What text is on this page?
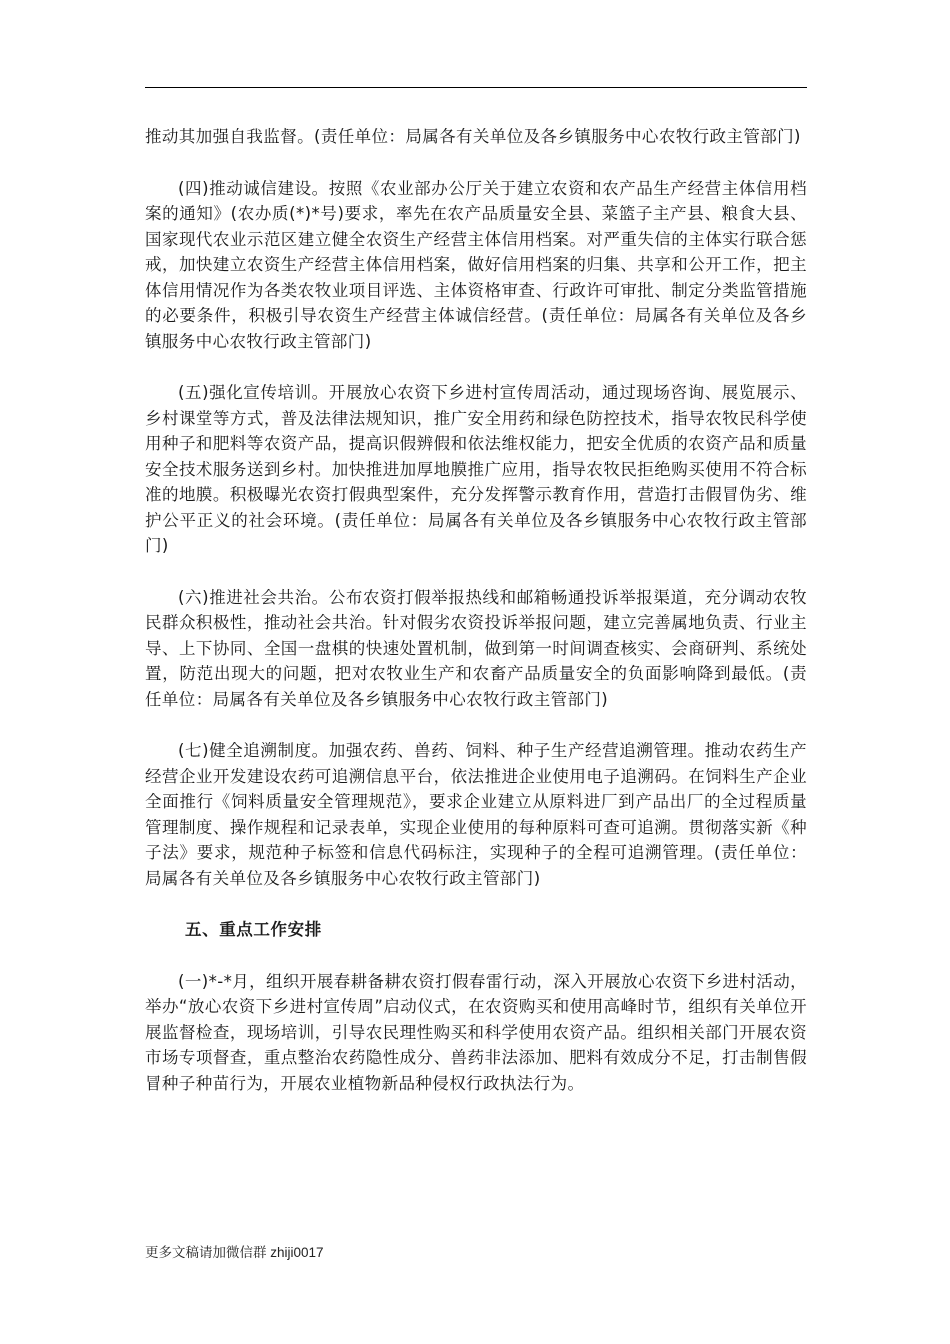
推动其加强自我监督。(责任单位：局属各有关单位及各乡镇服务中心农牧行政主管部门)

(四)推动诚信建设。按照《农业部办公厅关于建立农资和农产品生产经营主体信用档案的通知》(农办质(*)*号)要求，率先在农产品质量安全县、菜篮子主产县、粮食大县、国家现代农业示范区建立健全农资生产经营主体信用档案。对严重失信的主体实行联合惩戒，加快建立农资生产经营主体信用档案，做好信用档案的归集、共享和公开工作，把主体信用情况作为各类农牧业项目评选、主体资格审查、行政许可审批、制定分类监管措施的必要条件，积极引导农资生产经营主体诚信经营。(责任单位：局属各有关单位及各乡镇服务中心农牧行政主管部门)

(五)强化宣传培训。开展放心农资下乡进村宣传周活动，通过现场咨询、展览展示、乡村课堂等方式，普及法律法规知识，推广安全用药和绿色防控技术，指导农牧民科学使用种子和肥料等农资产品，提高识假辨假和依法维权能力，把安全优质的农资产品和质量安全技术服务送到乡村。加快推进加厚地膜推广应用，指导农牧民拒绝购买使用不符合标准的地膜。积极曝光农资打假典型案件，充分发挥警示教育作用，营造打击假冒伪劣、维护公平正义的社会环境。(责任单位：局属各有关单位及各乡镇服务中心农牧行政主管部门)

(六)推进社会共治。公布农资打假举报热线和邮箱畅通投诉举报渠道，充分调动农牧民群众积极性，推动社会共治。针对假劣农资投诉举报问题，建立完善属地负责、行业主导、上下协同、全国一盘棋的快速处置机制，做到第一时间调查核实、会商研判、系统处置，防范出现大的问题，把对农牧业生产和农畜产品质量安全的负面影响降到最低。(责任单位：局属各有关单位及各乡镇服务中心农牧行政主管部门)

(七)健全追溯制度。加强农药、兽药、饲料、种子生产经营追溯管理。推动农药生产经营企业开发建设农药可追溯信息平台，依法推进企业使用电子追溯码。在饲料生产企业全面推行《饲料质量安全管理规范》，要求企业建立从原料进厂到产品出厂的全过程质量管理制度、操作规程和记录表单，实现企业使用的每种原料可查可追溯。贯彻落实新《种子法》要求，规范种子标签和信息代码标注，实现种子的全程可追溯管理。(责任单位：局属各有关单位及各乡镇服务中心农牧行政主管部门)

五、重点工作安排

(一)*-*月，组织开展春耕备耕农资打假春雷行动，深入开展放心农资下乡进村活动，举办“放心农资下乡进村宣传周”启动仪式，在农资购买和使用高峰时节，组织有关单位开展监督检查，现场培训，引导农民理性购买和科学使用农资产品。组织相关部门开展农资市场专项督查，重点整治农药隐性成分、兽药非法添加、肥料有效成分不足，打击制售假冒种子种苗行为，开展农业植物新品种侵权行政执法行为。

更多文稿请加微信群 zhiji0017
